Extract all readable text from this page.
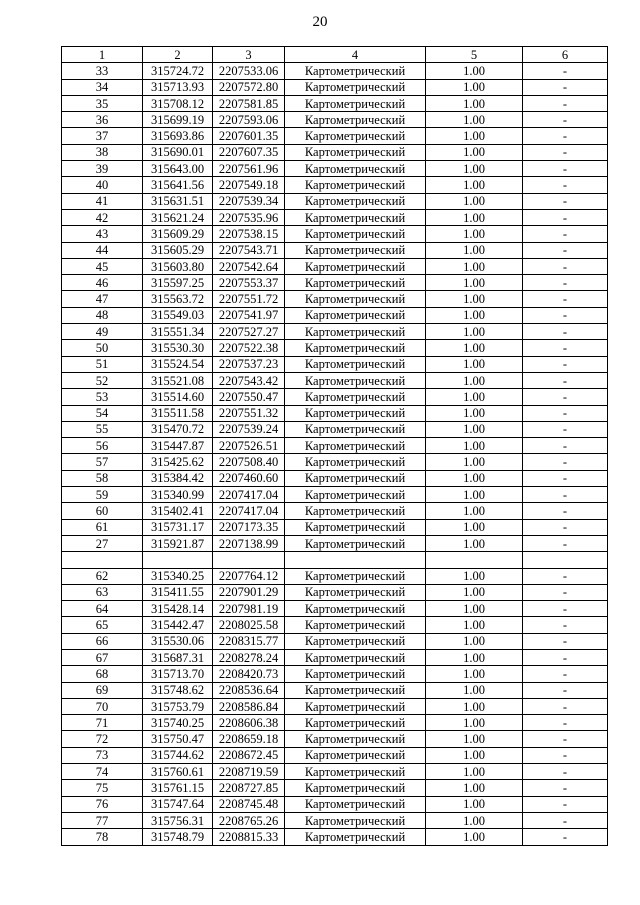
20
1	2	3	4	5	6
33	315724.72	2207533.06	Картометрический	1.00	-
34	315713.93	2207572.80	Картометрический	1.00	-
35	315708.12	2207581.85	Картометрический	1.00	-
36	315699.19	2207593.06	Картометрический	1.00	-
37	315693.86	2207601.35	Картометрический	1.00	-
38	315690.01	2207607.35	Картометрический	1.00	-
39	315643.00	2207561.96	Картометрический	1.00	-
40	315641.56	2207549.18	Картометрический	1.00	-
41	315631.51	2207539.34	Картометрический	1.00	-
42	315621.24	2207535.96	Картометрический	1.00	-
43	315609.29	2207538.15	Картометрический	1.00	-
44	315605.29	2207543.71	Картометрический	1.00	-
45	315603.80	2207542.64	Картометрический	1.00	-
46	315597.25	2207553.37	Картометрический	1.00	-
47	315563.72	2207551.72	Картометрический	1.00	-
48	315549.03	2207541.97	Картометрический	1.00	-
49	315551.34	2207527.27	Картометрический	1.00	-
50	315530.30	2207522.38	Картометрический	1.00	-
51	315524.54	2207537.23	Картометрический	1.00	-
52	315521.08	2207543.42	Картометрический	1.00	-
53	315514.60	2207550.47	Картометрический	1.00	-
54	315511.58	2207551.32	Картометрический	1.00	-
55	315470.72	2207539.24	Картометрический	1.00	-
56	315447.87	2207526.51	Картометрический	1.00	-
57	315425.62	2207508.40	Картометрический	1.00	-
58	315384.42	2207460.60	Картометрический	1.00	-
59	315340.99	2207417.04	Картометрический	1.00	-
60	315402.41	2207417.04	Картометрический	1.00	-
61	315731.17	2207173.35	Картометрический	1.00	-
27	315921.87	2207138.99	Картометрический	1.00	-

62	315340.25	2207764.12	Картометрический	1.00	-
63	315411.55	2207901.29	Картометрический	1.00	-
64	315428.14	2207981.19	Картометрический	1.00	-
65	315442.47	2208025.58	Картометрический	1.00	-
66	315530.06	2208315.77	Картометрический	1.00	-
67	315687.31	2208278.24	Картометрический	1.00	-
68	315713.70	2208420.73	Картометрический	1.00	-
69	315748.62	2208536.64	Картометрический	1.00	-
70	315753.79	2208586.84	Картометрический	1.00	-
71	315740.25	2208606.38	Картометрический	1.00	-
72	315750.47	2208659.18	Картометрический	1.00	-
73	315744.62	2208672.45	Картометрический	1.00	-
74	315760.61	2208719.59	Картометрический	1.00	-
75	315761.15	2208727.85	Картометрический	1.00	-
76	315747.64	2208745.48	Картометрический	1.00	-
77	315756.31	2208765.26	Картометрический	1.00	-
78	315748.79	2208815.33	Картометрический	1.00	-
